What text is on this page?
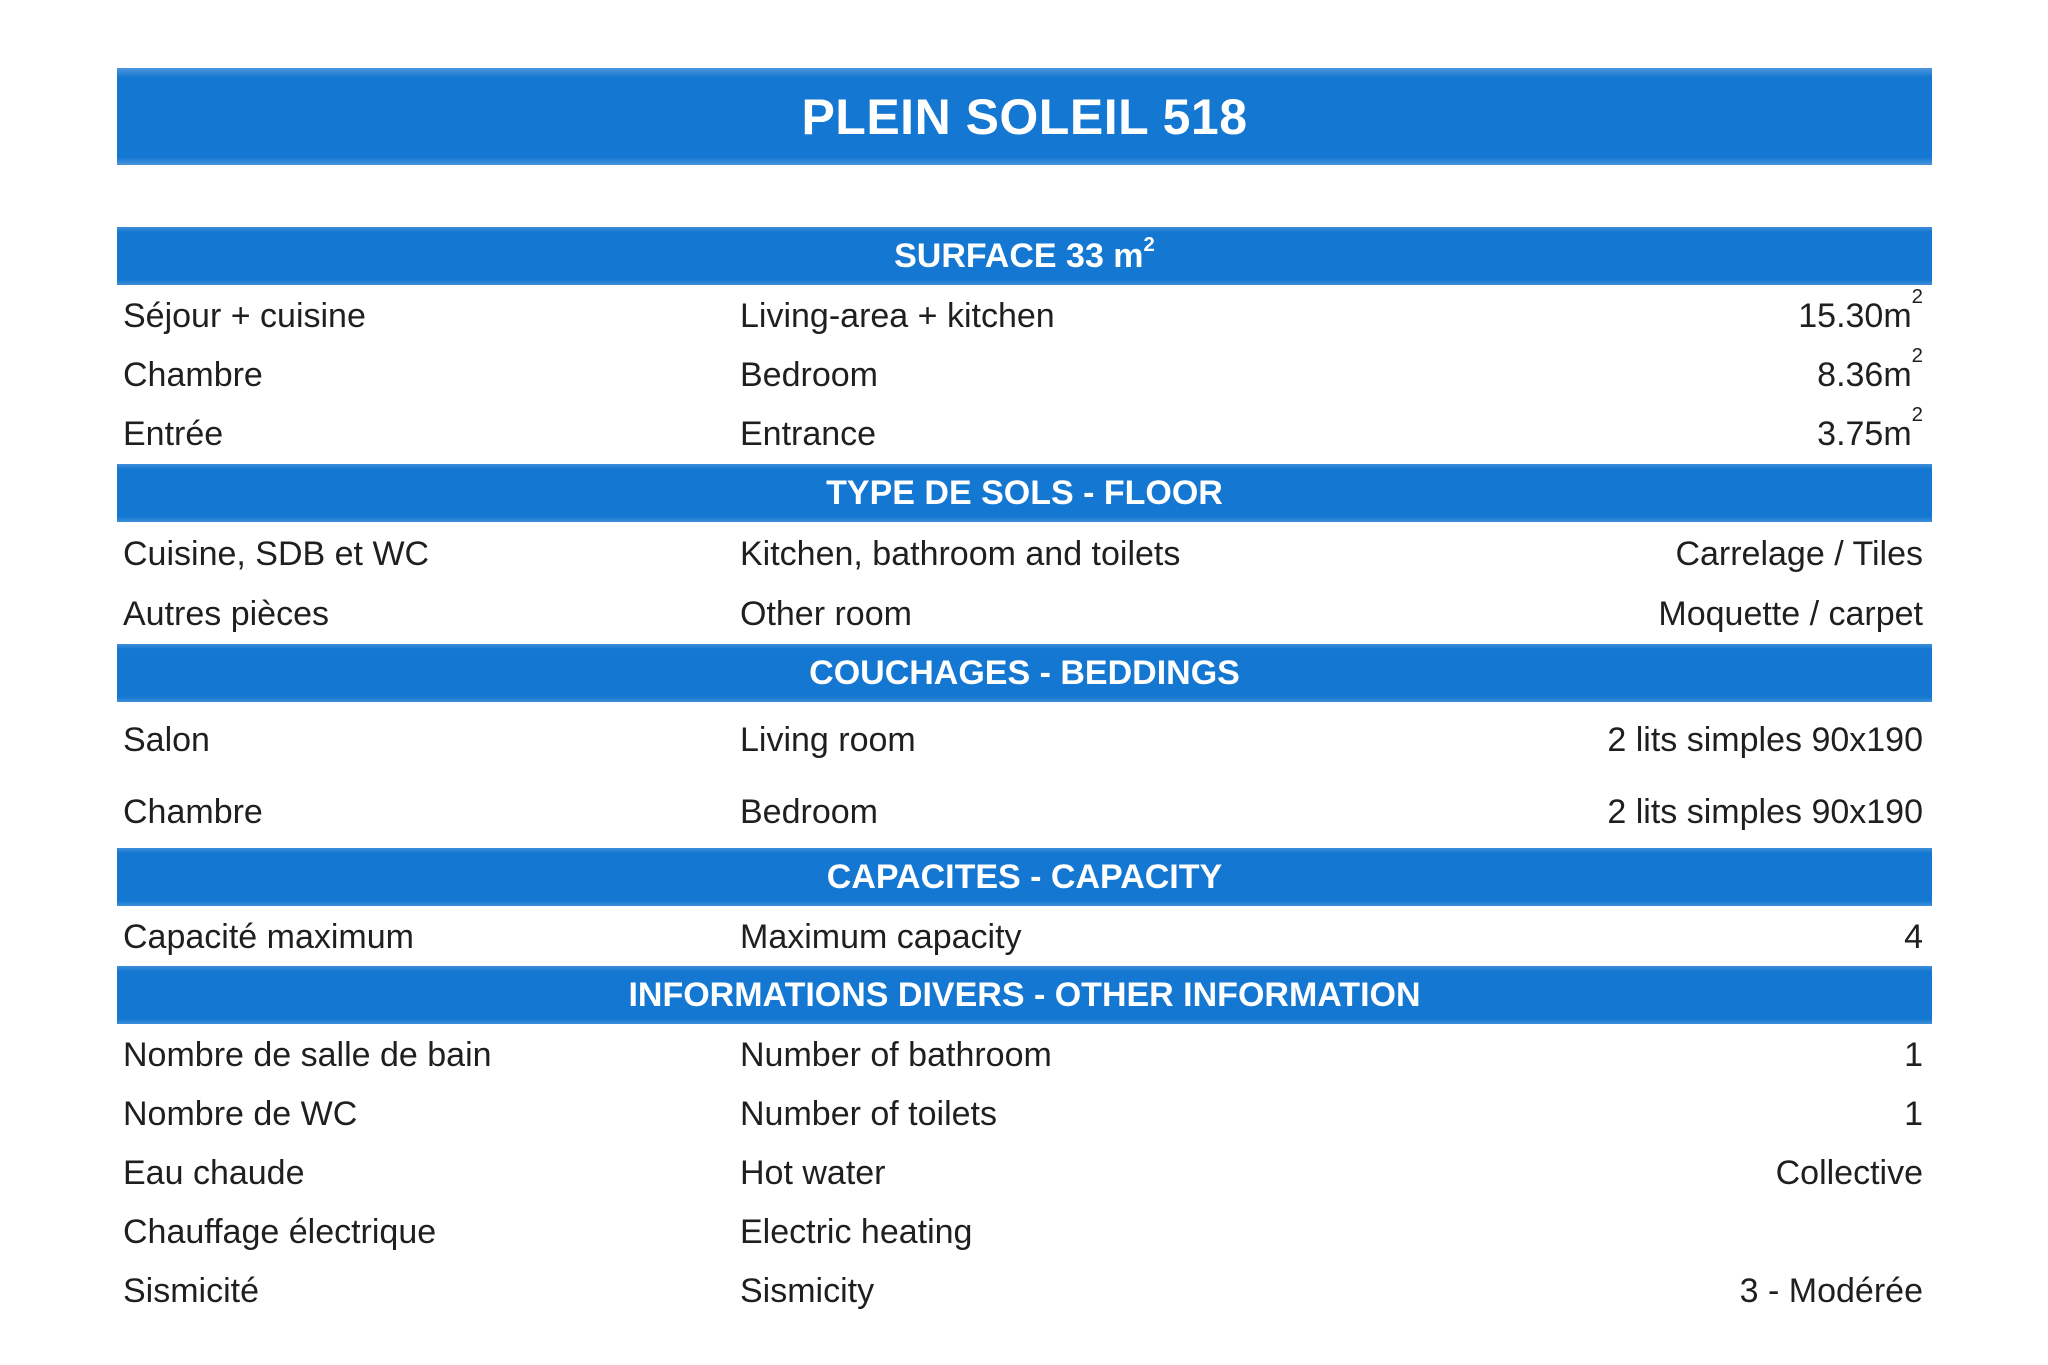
PLEIN SOLEIL 518
SURFACE 33 $m^2$
Séjour + cuisine	Living-area + kitchen	$15.30m^2$
Chambre	Bedroom	$8.36m^2$
Entrée	Entrance	$3.75m^2$
TYPE DE SOLS - FLOOR
Cuisine, SDB et WC	Kitchen, bathroom and toilets	Carrelage / Tiles
Autres pièces	Other room	Moquette / carpet
COUCHAGES - BEDDINGS
Salon	Living room	2 lits simples 90x190
Chambre	Bedroom	2 lits simples 90x190
CAPACITES - CAPACITY
Capacité maximum	Maximum capacity	4
INFORMATIONS DIVERS - OTHER INFORMATION
Nombre de salle de bain	Number of bathroom	1
Nombre de WC	Number of toilets	1
Eau chaude	Hot water	Collective
Chauffage électrique	Electric heating
Sismicité	Sismicity	3 - Modérée
